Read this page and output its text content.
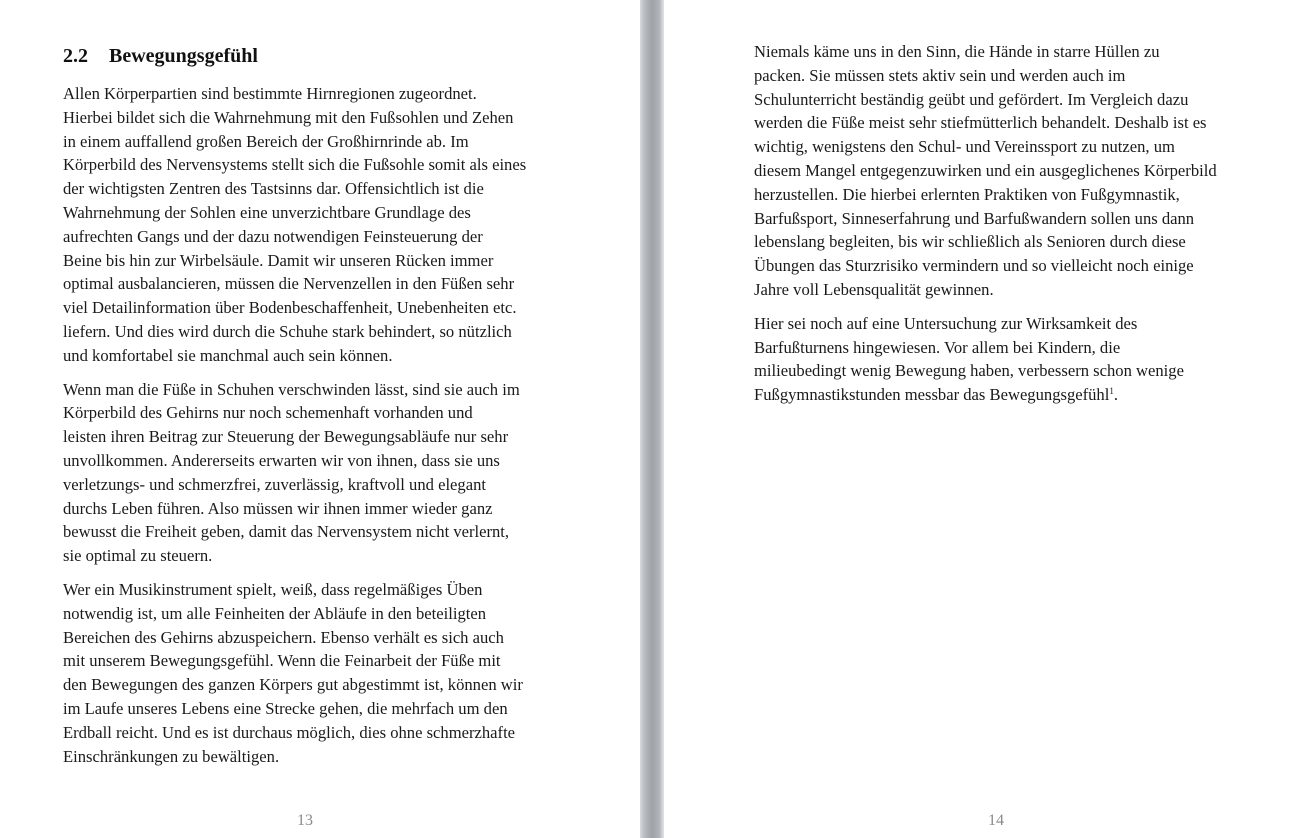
2.2 Bewegungsgefühl

Allen Körperpartien sind bestimmte Hirnregionen zugeordnet.
Hierbei bildet sich die Wahrnehmung mit den Fußsohlen und Zehen
in einem auffallend großen Bereich der Großhirnrinde ab. Im
Körperbild des Nervensystems stellt sich die Fußsohle somit als eines
der wichtigsten Zentren des Tastsinns dar. Offensichtlich ist die
Wahrnehmung der Sohlen eine unverzichtbare Grundlage des
aufrechten Gangs und der dazu notwendigen Feinsteuerung der
Beine bis hin zur Wirbelsäule. Damit wir unseren Rücken immer
optimal ausbalancieren, müssen die Nervenzellen in den Füßen sehr
viel Detailinformation über Bodenbeschaffenheit, Unebenheiten etc.
liefern. Und dies wird durch die Schuhe stark behindert, so nützlich
und komfortabel sie manchmal auch sein können.

Wenn man die Füße in Schuhen verschwinden lässt, sind sie auch im
Körperbild des Gehirns nur noch schemenhaft vorhanden und
leisten ihren Beitrag zur Steuerung der Bewegungsabläufe nur sehr
unvollkommen. Andererseits erwarten wir von ihnen, dass sie uns
verletzungs- und schmerzfrei, zuverlässig, kraftvoll und elegant
durchs Leben führen. Also müssen wir ihnen immer wieder ganz
bewusst die Freiheit geben, damit das Nervensystem nicht verlernt,
sie optimal zu steuern.

Wer ein Musikinstrument spielt, weiß, dass regelmäßiges Üben
notwendig ist, um alle Feinheiten der Abläufe in den beteiligten
Bereichen des Gehirns abzuspeichern. Ebenso verhält es sich auch
mit unserem Bewegungsgefühl. Wenn die Feinarbeit der Füße mit
den Bewegungen des ganzen Körpers gut abgestimmt ist, können wir
im Laufe unseres Lebens eine Strecke gehen, die mehrfach um den
Erdball reicht. Und es ist durchaus möglich, dies ohne schmerzhafte
Einschränkungen zu bewältigen.

13

Niemals käme uns in den Sinn, die Hände in starre Hüllen zu
packen. Sie müssen stets aktiv sein und werden auch im
Schulunterricht beständig geübt und gefördert. Im Vergleich dazu
werden die Füße meist sehr stiefmütterlich behandelt. Deshalb ist es
wichtig, wenigstens den Schul- und Vereinssport zu nutzen, um
diesem Mangel entgegenzuwirken und ein ausgeglichenes Körperbild
herzustellen. Die hierbei erlernten Praktiken von Fußgymnastik,
Barfußsport, Sinneserfahrung und Barfußwandern sollen uns dann
lebenslang begleiten, bis wir schließlich als Senioren durch diese
Übungen das Sturzrisiko vermindern und so vielleicht noch einige
Jahre voll Lebensqualität gewinnen.

Hier sei noch auf eine Untersuchung zur Wirksamkeit des
Barfußturnens hingewiesen. Vor allem bei Kindern, die
milieubedingt wenig Bewegung haben, verbessern schon wenige
Fußgymnastikstunden messbar das Bewegungsgefühl$^1$.

14
